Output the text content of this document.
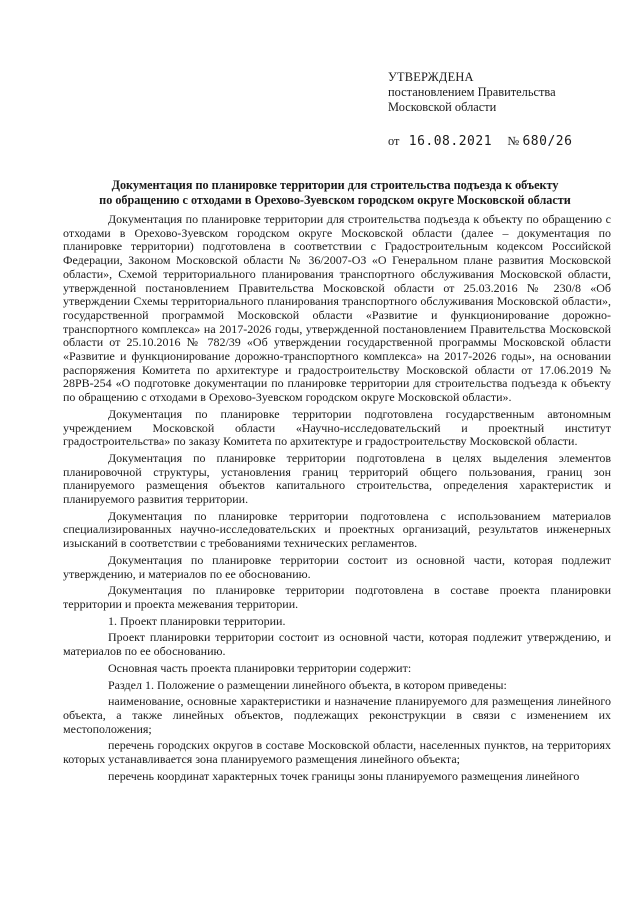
УТВЕРЖДЕНА
постановлением Правительства
Московской области
от 16.08.2021 № 680/26
Документация по планировке территории для строительства подъезда к объекту
по обращению с отходами в Орехово-Зуевском городском округе Московской области

Документация по планировке территории для строительства подъезда к объекту по обращению с отходами в Орехово-Зуевском городском округе Московской области (далее – документация по планировке территории) подготовлена в соответствии с Градостроительным кодексом Российской Федерации, Законом Московской области № 36/2007-ОЗ «О Генеральном плане развития Московской области», Схемой территориального планирования транспортного обслуживания Московской области, утвержденной постановлением Правительства Московской области от 25.03.2016 № 230/8 «Об утверждении Схемы территориального планирования транспортного обслуживания Московской области», государственной программой Московской области «Развитие и функционирование дорожно-транспортного комплекса» на 2017-2026 годы, утвержденной постановлением Правительства Московской области от 25.10.2016 № 782/39 «Об утверждении государственной программы Московской области «Развитие и функционирование дорожно-транспортного комплекса» на 2017-2026 годы», на основании распоряжения Комитета по архитектуре и градостроительству Московской области от 17.06.2019 № 28РВ-254 «О подготовке документации по планировке территории для строительства подъезда к объекту по обращению с отходами в Орехово-Зуевском городском округе Московской области».

Документация по планировке территории подготовлена государственным автономным учреждением Московской области «Научно-исследовательский и проектный институт градостроительства» по заказу Комитета по архитектуре и градостроительству Московской области.

Документация по планировке территории подготовлена в целях выделения элементов планировочной структуры, установления границ территорий общего пользования, границ зон планируемого размещения объектов капитального строительства, определения характеристик и планируемого развития территории.

Документация по планировке территории подготовлена с использованием материалов специализированных научно-исследовательских и проектных организаций, результатов инженерных изысканий в соответствии с требованиями технических регламентов.

Документация по планировке территории состоит из основной части, которая подлежит утверждению, и материалов по ее обоснованию.

Документация по планировке территории подготовлена в составе проекта планировки территории и проекта межевания территории.

1. Проект планировки территории.

Проект планировки территории состоит из основной части, которая подлежит утверждению, и материалов по ее обоснованию.

Основная часть проекта планировки территории содержит:

Раздел 1. Положение о размещении линейного объекта, в котором приведены:

наименование, основные характеристики и назначение планируемого для размещения линейного объекта, а также линейных объектов, подлежащих реконструкции в связи с изменением их местоположения;

перечень городских округов в составе Московской области, населенных пунктов, на территориях которых устанавливается зона планируемого размещения линейного объекта;

перечень координат характерных точек границы зоны планируемого размещения линейного
